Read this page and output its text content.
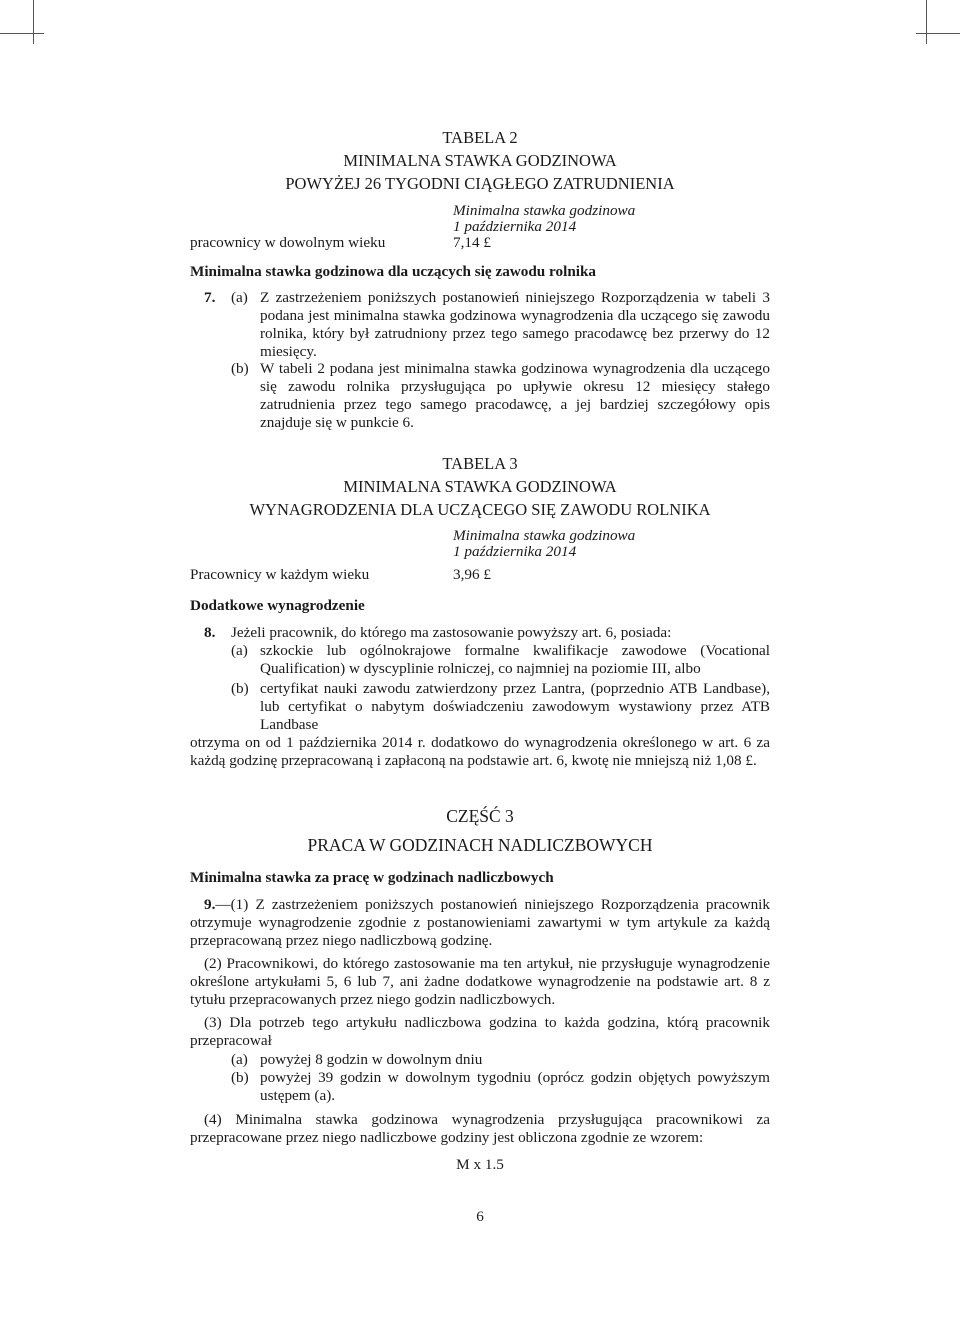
TABELA 2
MINIMALNA STAWKA GODZINOWA
POWYŻEJ 26 TYGODNI CIĄGŁEGO ZATRUDNIENIA
Minimalna stawka godzinowa
1 października 2014
pracownicy w dowolnym wieku	7,14 £
Minimalna stawka godzinowa dla uczących się zawodu rolnika
7. (a) Z zastrzeżeniem poniższych postanowień niniejszego Rozporządzenia w tabeli 3 podana jest minimalna stawka godzinowa wynagrodzenia dla uczącego się zawodu rolnika, który był zatrudniony przez tego samego pracodawcę bez przerwy do 12 miesięcy.

(b) W tabeli 2 podana jest minimalna stawka godzinowa wynagrodzenia dla uczącego się zawodu rolnika przysługująca po upływie okresu 12 miesięcy stałego zatrudnienia przez tego samego pracodawcę, a jej bardziej szczegółowy opis znajduje się w punkcie 6.

TABELA 3
MINIMALNA STAWKA GODZINOWA
WYNAGRODZENIA DLA UCZĄCEGO SIĘ ZAWODU ROLNIKA
Minimalna stawka godzinowa
1 października 2014
Pracownicy w każdym wieku	3,96 £
Dodatkowe wynagrodzenie
8. Jeżeli pracownik, do którego ma zastosowanie powyższy art. 6, posiada:
(a) szkockie lub ogólnokrajowe formalne kwalifikacje zawodowe (Vocational Qualification) w dyscyplinie rolniczej, co najmniej na poziomie III, albo

(b) certyfikat nauki zawodu zatwierdzony przez Lantra, (poprzednio ATB Landbase), lub certyfikat o nabytym doświadczeniu zawodowym wystawiony przez ATB Landbase

otrzyma on od 1 października 2014 r. dodatkowo do wynagrodzenia określonego w art. 6 za każdą godzinę przepracowaną i zapłaconą na podstawie art. 6, kwotę nie mniejszą niż 1,08 £.

CZĘŚĆ 3
PRACA W GODZINACH NADLICZBOWYCH
Minimalna stawka za pracę w godzinach nadliczbowych

9.—(1) Z zastrzeżeniem poniższych postanowień niniejszego Rozporządzenia pracownik otrzymuje wynagrodzenie zgodnie z postanowieniami zawartymi w tym artykule za każdą przepracowaną przez niego nadliczbową godzinę.

(2) Pracownikowi, do którego zastosowanie ma ten artykuł, nie przysługuje wynagrodzenie określone artykułami 5, 6 lub 7, ani żadne dodatkowe wynagrodzenie na podstawie art. 8 z tytułu przepracowanych przez niego godzin nadliczbowych.

(3) Dla potrzeb tego artykułu nadliczbowa godzina to każda godzina, którą pracownik przepracował

(a) powyżej 8 godzin w dowolnym dniu
(b) powyżej 39 godzin w dowolnym tygodniu (oprócz godzin objętych powyższym ustępem (a).

(4) Minimalna stawka godzinowa wynagrodzenia przysługująca pracownikowi za przepracowane przez niego nadliczbowe godziny jest obliczona zgodnie ze wzorem:

M x 1.5
6
